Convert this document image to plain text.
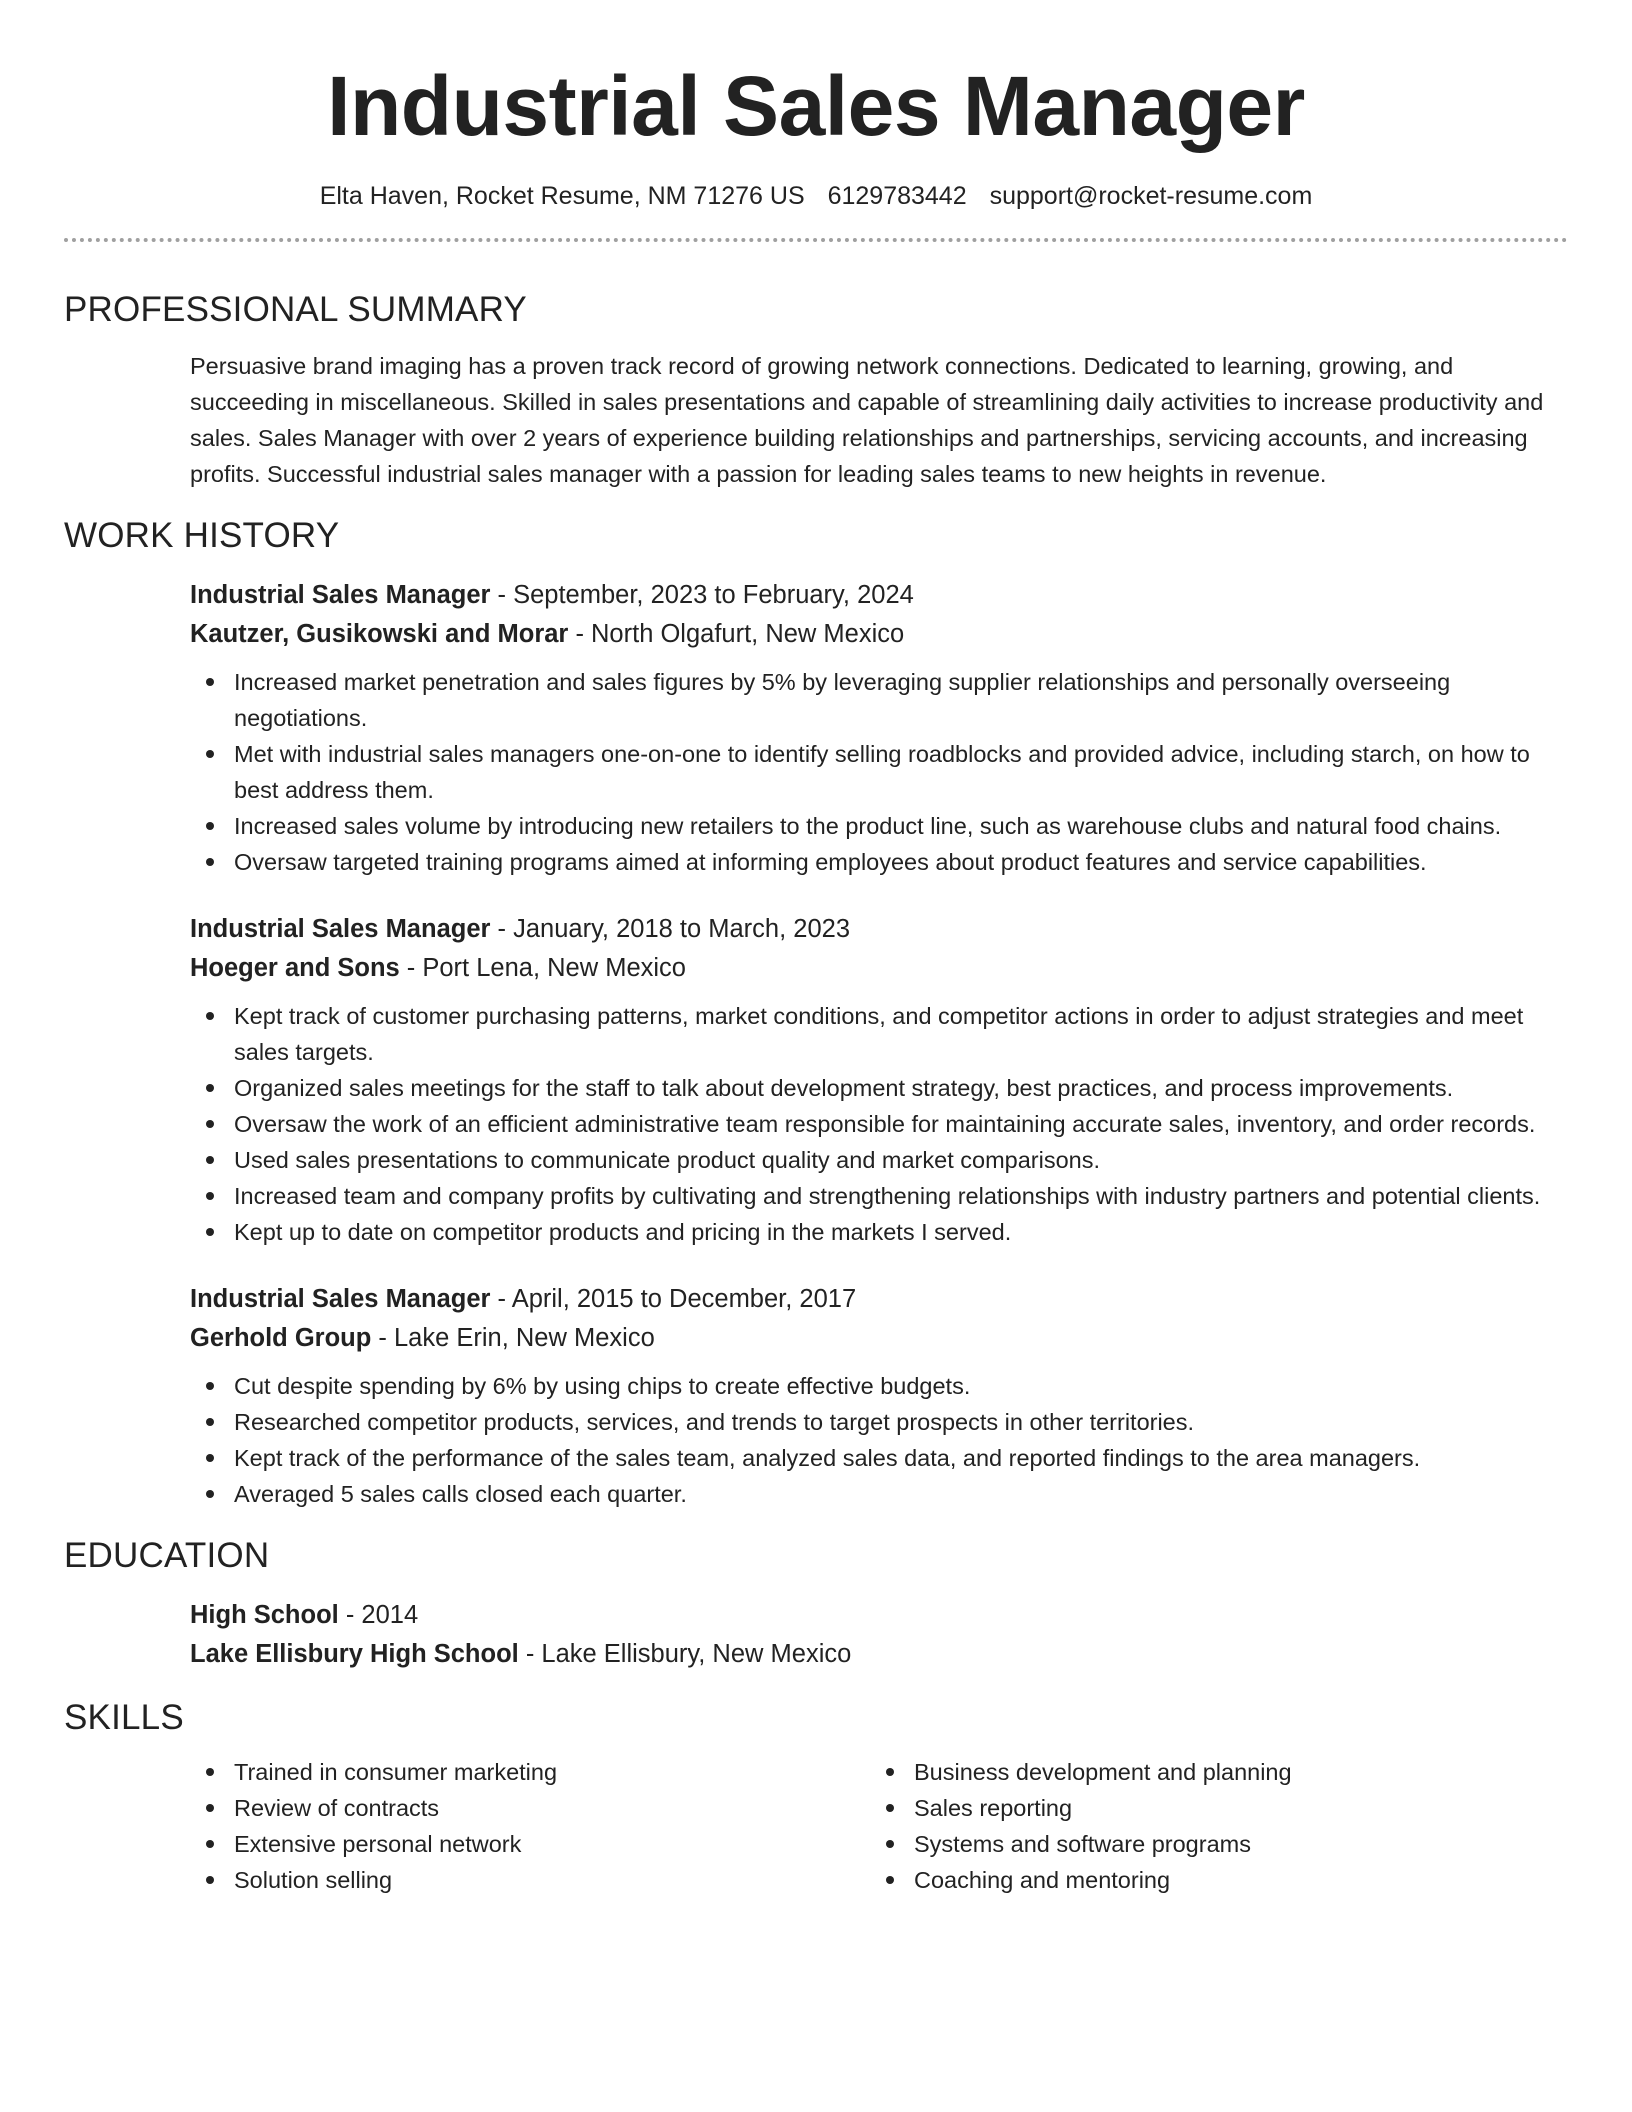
Industrial Sales Manager
Elta Haven, Rocket Resume, NM 71276 US 6129783442 support@rocket-resume.com
PROFESSIONAL SUMMARY
Persuasive brand imaging has a proven track record of growing network connections. Dedicated to learning, growing, and succeeding in miscellaneous. Skilled in sales presentations and capable of streamlining daily activities to increase productivity and sales. Sales Manager with over 2 years of experience building relationships and partnerships, servicing accounts, and increasing profits. Successful industrial sales manager with a passion for leading sales teams to new heights in revenue.
WORK HISTORY
Industrial Sales Manager - September, 2023 to February, 2024
Kautzer, Gusikowski and Morar - North Olgafurt, New Mexico
Increased market penetration and sales figures by 5% by leveraging supplier relationships and personally overseeing negotiations.
Met with industrial sales managers one-on-one to identify selling roadblocks and provided advice, including starch, on how to best address them.
Increased sales volume by introducing new retailers to the product line, such as warehouse clubs and natural food chains.
Oversaw targeted training programs aimed at informing employees about product features and service capabilities.
Industrial Sales Manager - January, 2018 to March, 2023
Hoeger and Sons - Port Lena, New Mexico
Kept track of customer purchasing patterns, market conditions, and competitor actions in order to adjust strategies and meet sales targets.
Organized sales meetings for the staff to talk about development strategy, best practices, and process improvements.
Oversaw the work of an efficient administrative team responsible for maintaining accurate sales, inventory, and order records.
Used sales presentations to communicate product quality and market comparisons.
Increased team and company profits by cultivating and strengthening relationships with industry partners and potential clients.
Kept up to date on competitor products and pricing in the markets I served.
Industrial Sales Manager - April, 2015 to December, 2017
Gerhold Group - Lake Erin, New Mexico
Cut despite spending by 6% by using chips to create effective budgets.
Researched competitor products, services, and trends to target prospects in other territories.
Kept track of the performance of the sales team, analyzed sales data, and reported findings to the area managers.
Averaged 5 sales calls closed each quarter.
EDUCATION
High School - 2014
Lake Ellisbury High School - Lake Ellisbury, New Mexico
SKILLS
Trained in consumer marketing
Review of contracts
Extensive personal network
Solution selling
Business development and planning
Sales reporting
Systems and software programs
Coaching and mentoring
